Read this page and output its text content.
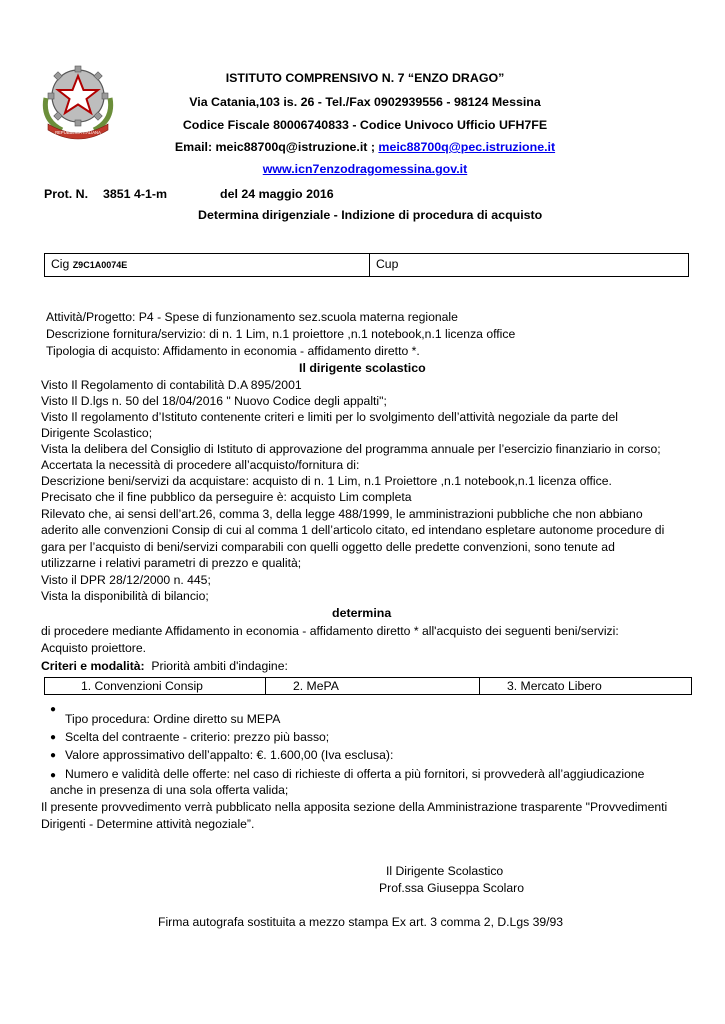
REPUBBLICA ITALIANA
ISTITUTO COMPRENSIVO N. 7 “ENZO DRAGO”
Via Catania,103 is. 26 - Tel./Fax 0902939556 - 98124 Messina
Codice Fiscale 80006740833 - Codice Univoco Ufficio UFH7FE
Email: meic88700q@istruzione.it ; meic88700q@pec.istruzione.it
www.icn7enzodragomessina.gov.it
Prot. N. 3851 4-1-m	del 24 maggio 2016
Determina dirigenziale - Indizione di procedura di acquisto
Cig Z9C1A0074E	Cup
Attività/Progetto: P4 - Spese di funzionamento sez.scuola materna regionale
Descrizione fornitura/servizio: di n. 1 Lim, n.1 proiettore ,n.1 notebook,n.1 licenza office
Tipologia di acquisto: Affidamento in economia - affidamento diretto *.
Il dirigente scolastico
Visto Il Regolamento di contabilità D.A 895/2001
Visto Il D.lgs n. 50 del 18/04/2016 " Nuovo Codice degli appalti";
Visto Il regolamento d’Istituto contenente criteri e limiti per lo svolgimento dell’attività negoziale da parte del
Dirigente Scolastico;
Vista la delibera del Consiglio di Istituto di approvazione del programma annuale per l’esercizio finanziario in corso;
Accertata la necessità di procedere all’acquisto/fornitura di:
Descrizione beni/servizi da acquistare: acquisto di n. 1 Lim, n.1 Proiettore ,n.1 notebook,n.1 licenza office.
Precisato che il fine pubblico da perseguire è: acquisto Lim completa
Rilevato che, ai sensi dell’art.26, comma 3, della legge 488/1999, le amministrazioni pubbliche che non abbiano
aderito alle convenzioni Consip di cui al comma 1 dell’articolo citato, ed intendano espletare autonome procedure di
gara per l’acquisto di beni/servizi comparabili con quelli oggetto delle predette convenzioni, sono tenute ad
utilizzarne i relativi parametri di prezzo e qualità;
Visto il DPR 28/12/2000 n. 445;
Vista la disponibilità di bilancio;
determina
di procedere mediante Affidamento in economia - affidamento diretto * all'acquisto dei seguenti beni/servizi:
Acquisto proiettore.
Criteri e modalità: Priorità ambiti d'indagine:
1. Convenzioni Consip	2. MePA	3. Mercato Libero
●
Tipo procedura: Ordine diretto su MEPA
● Scelta del contraente - criterio: prezzo più basso;
● Valore approssimativo dell’appalto: €. 1.600,00 (Iva esclusa):
● Numero e validità delle offerte: nel caso di richieste di offerta a più fornitori, si provvederà all’aggiudicazione
anche in presenza di una sola offerta valida;
Il presente provvedimento verrà pubblicato nella apposita sezione della Amministrazione trasparente "Provvedimenti
Dirigenti - Determine attività negoziale”.
Il Dirigente Scolastico
Prof.ssa Giuseppa Scolaro
Firma autografa sostituita a mezzo stampa Ex art. 3 comma 2, D.Lgs 39/93
